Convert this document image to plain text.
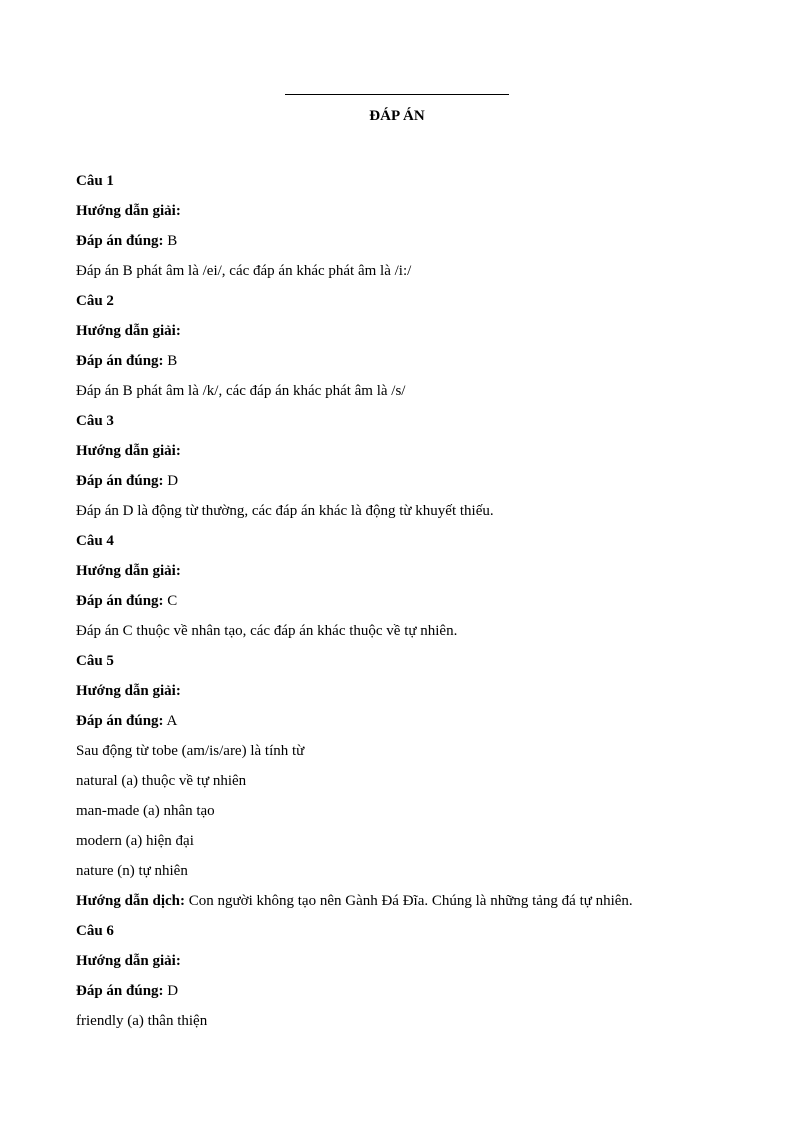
ĐÁP ÁN
Câu 1
Hướng dẫn giải:
Đáp án đúng: B
Đáp án B phát âm là /ei/, các đáp án khác phát âm là /i:/
Câu 2
Hướng dẫn giải:
Đáp án đúng: B
Đáp án B phát âm là /k/, các đáp án khác phát âm là /s/
Câu 3
Hướng dẫn giải:
Đáp án đúng: D
Đáp án D là động từ thường, các đáp án khác là động từ khuyết thiếu.
Câu 4
Hướng dẫn giải:
Đáp án đúng: C
Đáp án C thuộc về nhân tạo, các đáp án khác thuộc về tự nhiên.
Câu 5
Hướng dẫn giải:
Đáp án đúng: A
Sau động từ tobe (am/is/are) là tính từ
natural (a) thuộc về tự nhiên
man-made (a) nhân tạo
modern (a) hiện đại
nature (n) tự nhiên
Hướng dẫn dịch: Con người không tạo nên Gành Đá Đĩa. Chúng là những tảng đá tự nhiên.
Câu 6
Hướng dẫn giải:
Đáp án đúng: D
friendly (a) thân thiện
